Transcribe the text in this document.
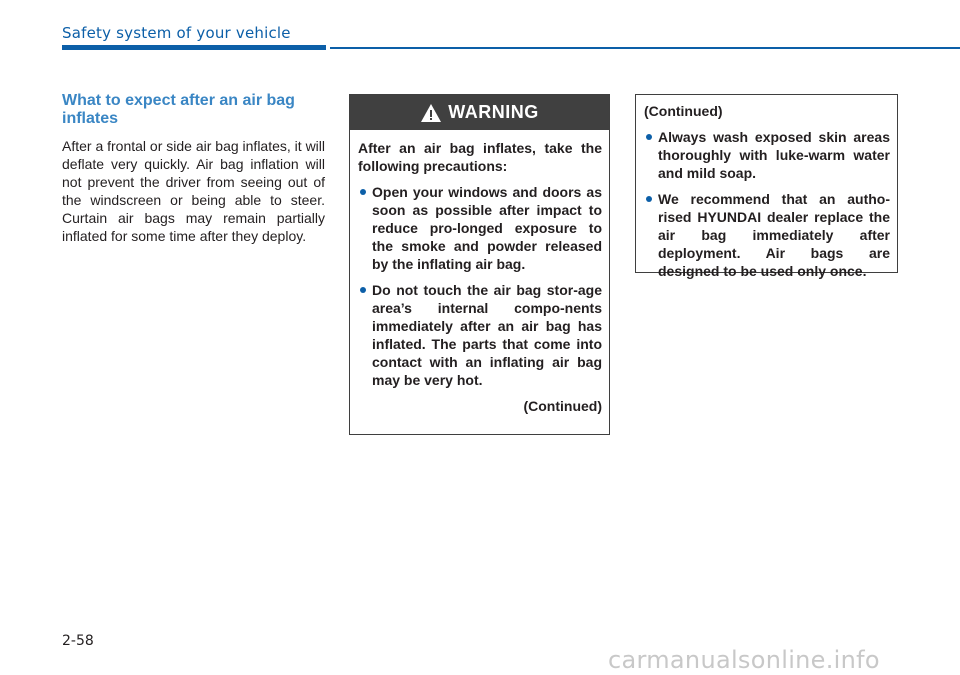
Safety system of your vehicle
What to expect after an air bag inflates

After a frontal or side air bag inflates, it will deflate very quickly. Air bag inflation will not prevent the driver from seeing out of the windscreen or being able to steer. Curtain air bags may remain partially inflated for some time after they deploy.

WARNING

After an air bag inflates, take the following precautions:

Open your windows and doors as soon as possible after impact to reduce pro-longed exposure to the smoke and powder released by the inflating air bag.
Do not touch the air bag stor-age area’s internal compo-nents immediately after an air bag has inflated. The parts that come into contact with an inflating air bag may be very hot.
(Continued)

(Continued)

Always wash exposed skin areas thoroughly with luke-warm water and mild soap.
We recommend that an autho-rised HYUNDAI dealer replace the air bag immediately after deployment. Air bags are designed to be used only once.
2-58
carmanualsonline.info
